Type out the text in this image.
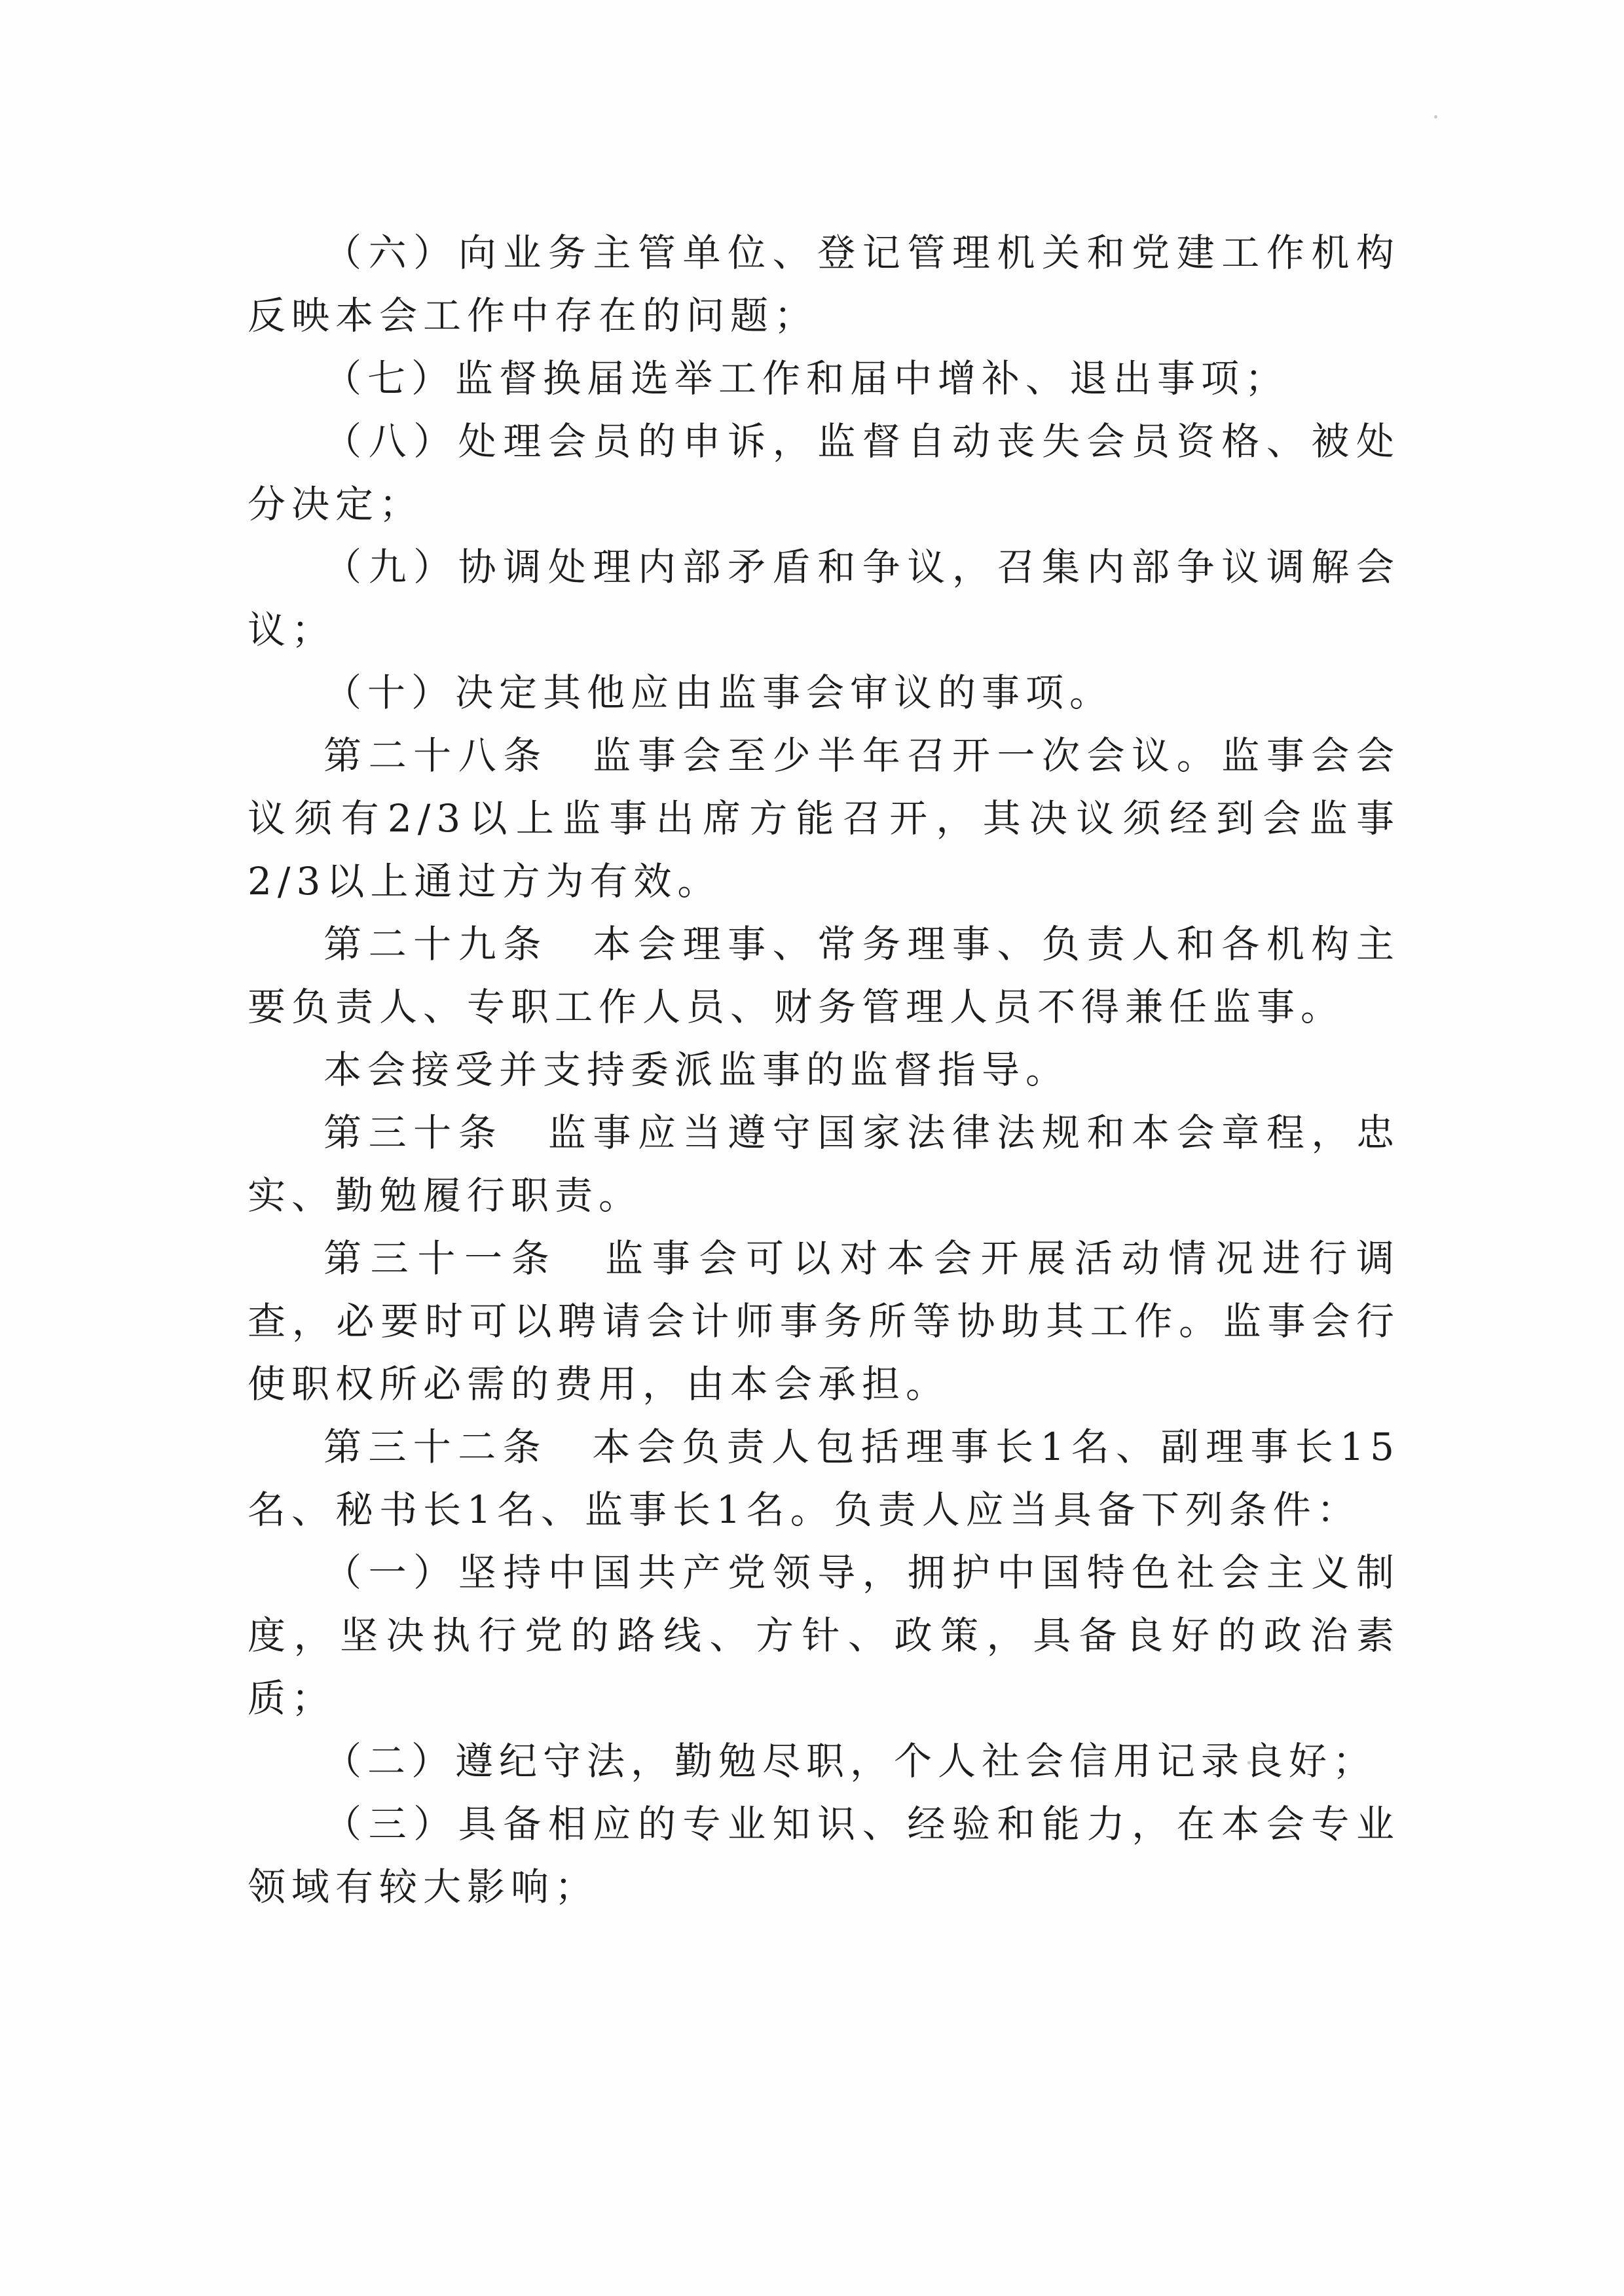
（六）向业务主管单位、登记管理机关和党建工作机构反映本会工作中存在的问题；

（七）监督换届选举工作和届中增补、退出事项；

（八）处理会员的申诉，监督自动丧失会员资格、被处分决定；

（九）协调处理内部矛盾和争议，召集内部争议调解会议；

（十）决定其他应由监事会审议的事项。

第二十八条　监事会至少半年召开一次会议。监事会会议须有2/3以上监事出席方能召开，其决议须经到会监事2/3以上通过方为有效。

第二十九条　本会理事、常务理事、负责人和各机构主要负责人、专职工作人员、财务管理人员不得兼任监事。

本会接受并支持委派监事的监督指导。

第三十条　监事应当遵守国家法律法规和本会章程，忠实、勤勉履行职责。

第三十一条　监事会可以对本会开展活动情况进行调查，必要时可以聘请会计师事务所等协助其工作。监事会行使职权所必需的费用，由本会承担。

第三十二条　本会负责人包括理事长1名、副理事长15名、秘书长1名、监事长1名。负责人应当具备下列条件：

（一）坚持中国共产党领导，拥护中国特色社会主义制度，坚决执行党的路线、方针、政策，具备良好的政治素质；

（二）遵纪守法，勤勉尽职，个人社会信用记录良好；

（三）具备相应的专业知识、经验和能力，在本会专业领域有较大影响；
